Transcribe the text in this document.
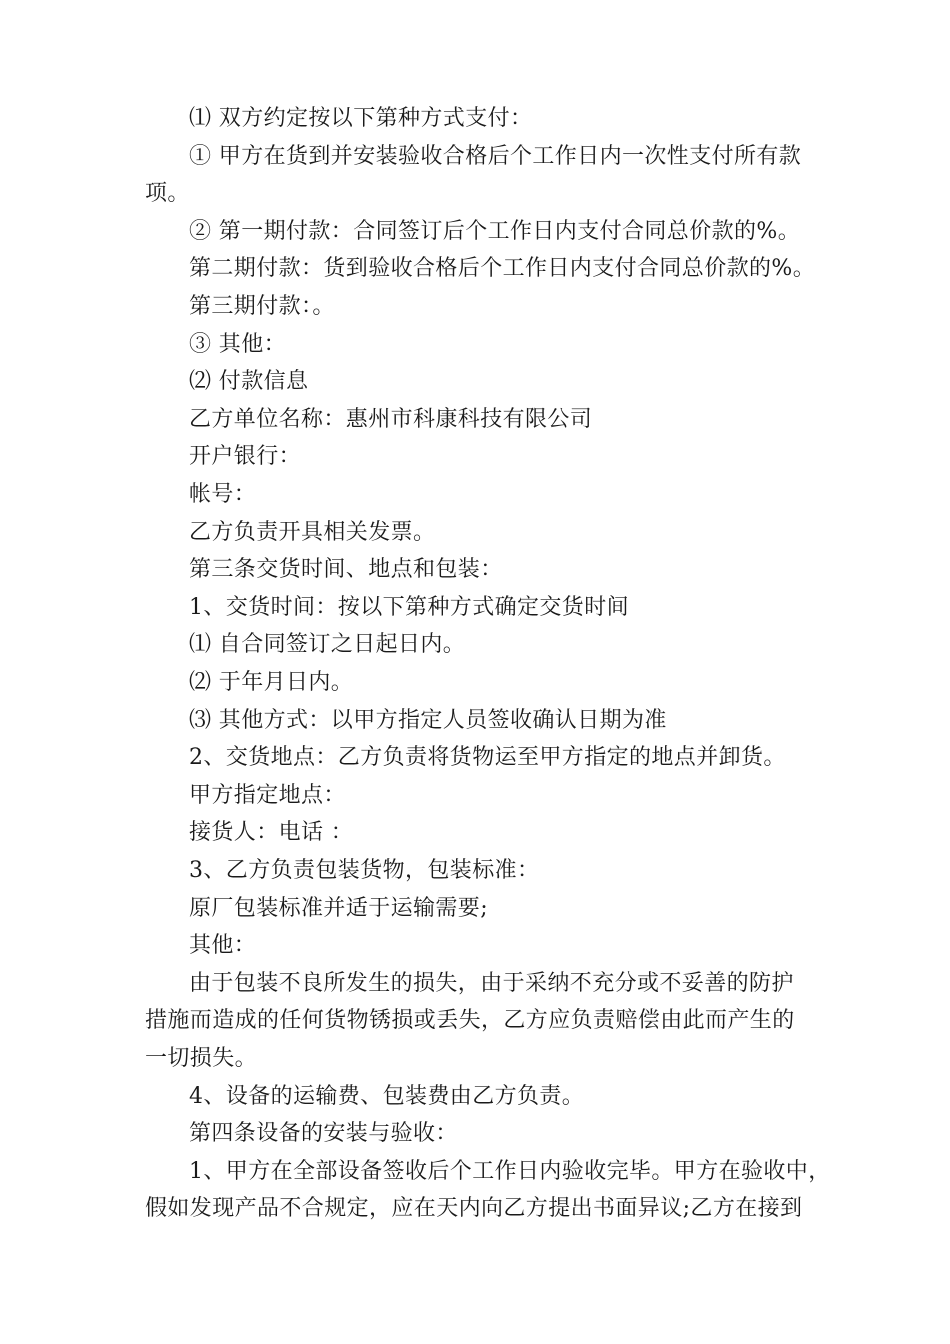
⑴ 双方约定按以下第种方式支付：
① 甲方在货到并安装验收合格后个工作日内一次性支付所有款
项。
② 第一期付款：合同签订后个工作日内支付合同总价款的%。
第二期付款：货到验收合格后个工作日内支付合同总价款的%。
第三期付款：。
③ 其他：
⑵ 付款信息
乙方单位名称：惠州市科康科技有限公司
开户银行：
帐号：
乙方负责开具相关发票。
第三条交货时间、地点和包装：
1、交货时间：按以下第种方式确定交货时间
⑴ 自合同签订之日起日内。
⑵ 于年月日内。
⑶ 其他方式：以甲方指定人员签收确认日期为准
2、交货地点：乙方负责将货物运至甲方指定的地点并卸货。
甲方指定地点：
接货人：电话 ：
3、乙方负责包装货物，包装标准：
原厂包装标准并适于运输需要;
其他：
由于包装不良所发生的损失，由于采纳不充分或不妥善的防护
措施而造成的任何货物锈损或丢失，乙方应负责赔偿由此而产生的
一切损失。
4、设备的运输费、包装费由乙方负责。
第四条设备的安装与验收：
1、甲方在全部设备签收后个工作日内验收完毕。甲方在验收中，
假如发现产品不合规定，应在天内向乙方提出书面异议;乙方在接到
